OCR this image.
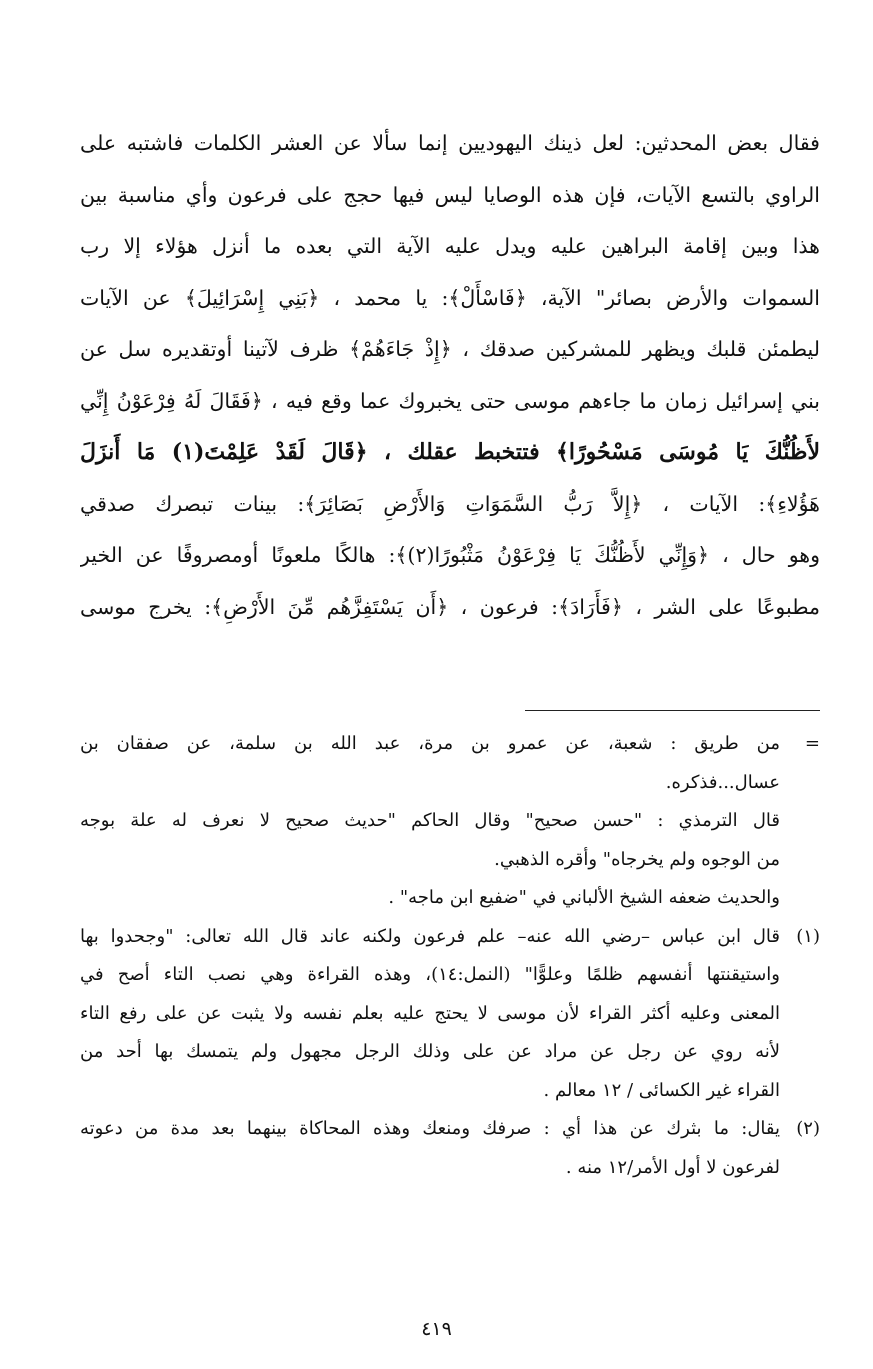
فقال بعض المحدثين: لعل ذينك اليهوديين إنما سألا عن العشر الكلمات فاشتبه على

الراوي بالتسع الآيات، فإن هذه الوصايا ليس فيها حجج على فرعون وأي مناسبة بين

هذا وبين إقامة البراهين عليه ويدل عليه الآية التي بعده ما أنزل هؤلاء إلا رب

السموات والأرض بصائر" الآية، ﴿فَاسْأَلْ﴾: يا محمد ، ﴿بَنِي إِسْرَائِيلَ﴾ عن الآيات

ليطمئن قلبك ويظهر للمشركين صدقك ، ﴿إِذْ جَاءَهُمْ﴾ ظرف لآتينا أوتقديره سل عن

بني إسرائيل زمان ما جاءهم موسى حتى يخبروك عما وقع فيه ، ﴿فَقَالَ لَهُ فِرْعَوْنُ إِنِّي

لأَظُنُّكَ يَا مُوسَى مَسْحُورًا﴾ فتتخبط عقلك ، ﴿قَالَ لَقَدْ عَلِمْتَ(١) مَا أَنزَلَ

هَؤُلاءِ﴾: الآيات ، ﴿إِلاَّ رَبُّ السَّمَوَاتِ وَالأَرْضِ بَصَائِرَ﴾: بينات تبصرك صدقي

وهو حال ، ﴿وَإِنِّي لأَظُنُّكَ يَا فِرْعَوْنُ مَثْبُورًا(٢)﴾: هالكًا ملعونًا أومصروفًا عن الخير

مطبوعًا على الشر ، ﴿فَأَرَادَ﴾: فرعون ، ﴿أَن يَسْتَفِزَّهُم مِّنَ الأَرْضِ﴾: يخرج موسى

=
من طريق : شعبة، عن عمرو بن مرة، عبد الله بن سلمة، عن صفقان بن
عسال...فذكره.
قال الترمذي : "حسن صحيح" وقال الحاكم "حديث صحيح لا نعرف له علة بوجه
من الوجوه ولم يخرجاه" وأقره الذهبي.
والحديث ضعفه الشيخ الألباني في "ضفيع ابن ماجه" .
(١)
قال ابن عباس –رضي الله عنه– علم فرعون ولكنه عاند قال الله تعالى: "وجحدوا بها
واستيقنتها أنفسهم ظلمًا وعلوًّا" (النمل:١٤)، وهذه القراءة وهي نصب التاء أصح في
المعنى وعليه أكثر القراء لأن موسى لا يحتج عليه بعلم نفسه ولا يثبت عن على رفع التاء
لأنه روي عن رجل عن مراد عن على وذلك الرجل مجهول ولم يتمسك بها أحد من
القراء غير الكسائى / ١٢ معالم .
(٢)
يقال: ما بثرك عن هذا أي : صرفك ومنعك وهذه المحاكاة بينهما بعد مدة من دعوته
لفرعون لا أول الأمر/١٢ منه .
٤١٩
